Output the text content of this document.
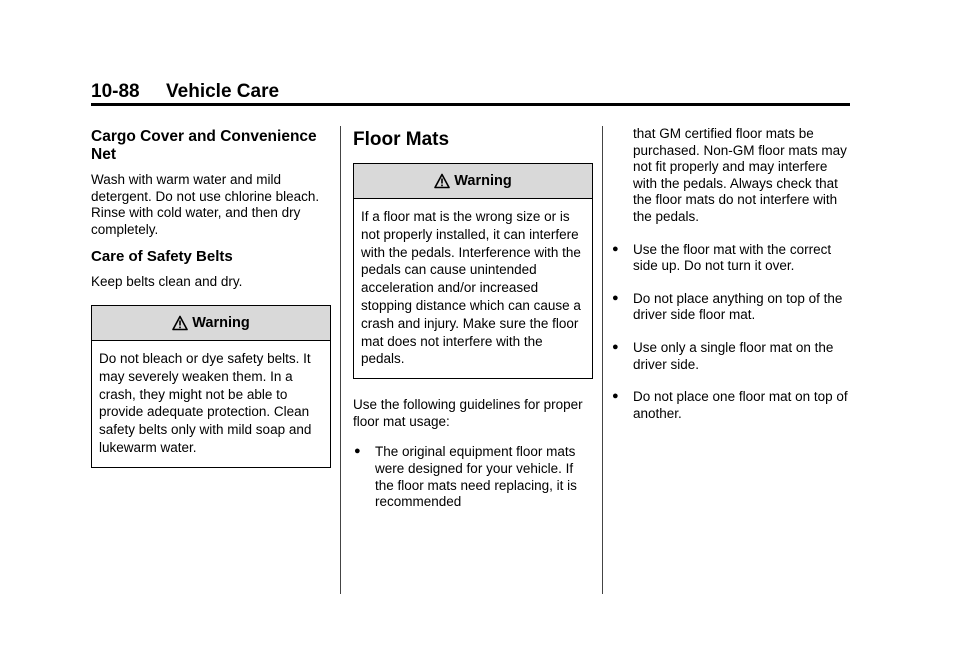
10-88 Vehicle Care
Cargo Cover and Convenience Net

Wash with warm water and mild detergent. Do not use chlorine bleach. Rinse with cold water, and then dry completely.

Care of Safety Belts

Keep belts clean and dry.

Warning
Do not bleach or dye safety belts. It may severely weaken them. In a crash, they might not be able to provide adequate protection. Clean safety belts only with mild soap and lukewarm water.
Floor Mats
Warning
If a floor mat is the wrong size or is not properly installed, it can interfere with the pedals. Interference with the pedals can cause unintended acceleration and/or increased stopping distance which can cause a crash and injury. Make sure the floor mat does not interfere with the pedals.

Use the following guidelines for proper floor mat usage:

● The original equipment floor mats were designed for your vehicle. If the floor mats need replacing, it is recommended
that GM certified floor mats be purchased. Non-GM floor mats may not fit properly and may interfere with the pedals. Always check that the floor mats do not interfere with the pedals.
● Use the floor mat with the correct side up. Do not turn it over.
● Do not place anything on top of the driver side floor mat.
● Use only a single floor mat on the driver side.
● Do not place one floor mat on top of another.
